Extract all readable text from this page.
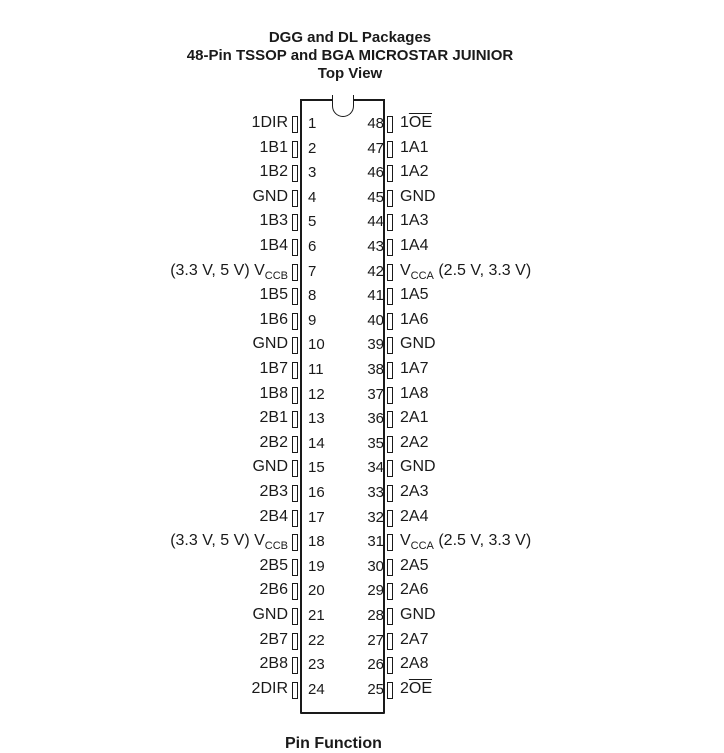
DGG and DL Packages
48-Pin TSSOP and BGA MICROSTAR JUINIOR
Top View
1
1DIR
2
1B1
3
1B2
4
GND
5
1B3
6
1B4
7
(3.3 V, 5 V) $V_{CCB}$
8
1B5
9
1B6
10
GND
11
1B7
12
1B8
13
2B1
14
2B2
15
GND
16
2B3
17
2B4
18
(3.3 V, 5 V) $V_{CCB}$
19
2B5
20
2B6
21
GND
22
2B7
23
2B8
24
2DIR
48 $1\overline{OE}$
47 1A1
46 1A2
45 GND
44 1A3
43 1A4
42 $V_{CCA}$ (2.5 V, 3.3 V)
41 1A5
40 1A6
39 GND
38 1A7
37 1A8
36 2A1
35 2A2
34 GND
33 2A3
32 2A4
31 $V_{CCA}$ (2.5 V, 3.3 V)
30 2A5
29 2A6
28 GND
27 2A7
26 2A8
25 $2\overline{OE}$
Pin Function
